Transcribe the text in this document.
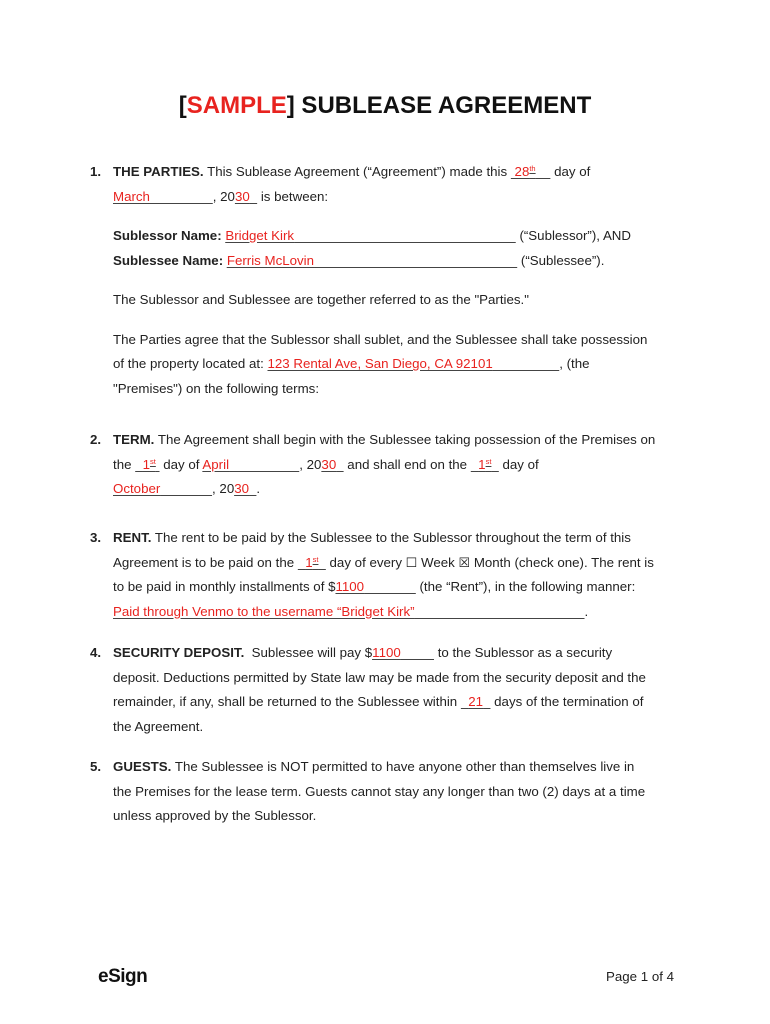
[SAMPLE] SUBLEASE AGREEMENT
1. THE PARTIES. This Sublease Agreement (“Agreement”) made this  28th     day of
March	, 2030   is between:
Sublessor Name: Bridget Kirk	(“Sublessor”), AND
Sublessee Name: Ferris McLovin	(“Sublessee”).
The Sublessor and Sublessee are together referred to as the "Parties."
The Parties agree that the Sublessor shall sublet, and the Sublessee shall take possession
of the property located at: 123 Rental Ave, San Diego, CA 92101	, (the
"Premises") on the following terms:
2. TERM. The Agreement shall begin with the Sublessee taking possession of the Premises on
the   1st  day of April	, 2030   and shall end on the   1st   day of
October	, 2030 .
3. RENT. The rent to be paid by the Sublessee to the Sublessor throughout the term of this
Agreement is to be paid on the   1st   day of every ☐ Week ☒ Month (check one). The rent is
to be paid in monthly installments of $1100	(the “Rent”), in the following manner:
Paid through Venmo to the username “Bridget Kirk”	.
4. SECURITY DEPOSIT.  Sublessee will pay $1100	to the Sublessor as a security
deposit. Deductions permitted by State law may be made from the security deposit and the
remainder, if any, shall be returned to the Sublessee within   21   days of the termination of
the Agreement.
5. GUESTS. The Sublessee is NOT permitted to have anyone other than themselves live in
the Premises for the lease term. Guests cannot stay any longer than two (2) days at a time
unless approved by the Sublessor.
eSign	Page 1 of 4
